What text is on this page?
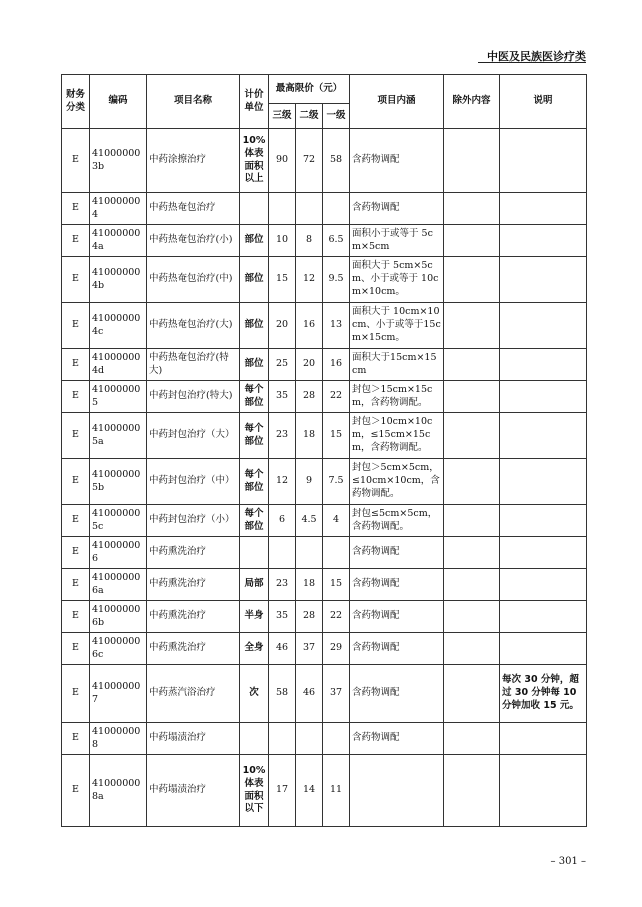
中医及民族医诊疗类
财务分类	编码	项目名称	计价单位	最高限价（元）			项目内涵	除外内容	说明
				三级	二级	一级			
E	410000003b	中药涂擦治疗	10%体表面积以上	90	72	58	含药物调配		
E	410000004	中药热奄包治疗					含药物调配		
E	410000004a	中药热奄包治疗(小)	部位	10	8	6.5	面积小于或等于 5cm×5cm		
E	410000004b	中药热奄包治疗(中)	部位	15	12	9.5	面积大于 5cm×5cm、小于或等于 10cm×10cm。		
E	410000004c	中药热奄包治疗(大)	部位	20	16	13	面积大于 10cm×10cm、小于或等于15cm×15cm。		
E	410000004d	中药热奄包治疗(特大)	部位	25	20	16	面积大于15cm×15cm		
E	410000005	中药封包治疗(特大)	每个部位	35	28	22	封包＞15cm×15cm，含药物调配。		
E	410000005a	中药封包治疗（大）	每个部位	23	18	15	封包＞10cm×10cm，≤15cm×15cm，含药物调配。		
E	410000005b	中药封包治疗（中）	每个部位	12	9	7.5	封包＞5cm×5cm，≤10cm×10cm，含药物调配。		
E	410000005c	中药封包治疗（小）	每个部位	6	4.5	4	封包≤5cm×5cm，含药物调配。		
E	410000006	中药熏洗治疗					含药物调配		
E	410000006a	中药熏洗治疗	局部	23	18	15	含药物调配		
E	410000006b	中药熏洗治疗	半身	35	28	22	含药物调配		
E	410000006c	中药熏洗治疗	全身	46	37	29	含药物调配		
E	410000007	中药蒸汽浴治疗	次	58	46	37	含药物调配		每次 30 分钟，超过 30 分钟每 10 分钟加收 15 元。
E	410000008	中药塌渍治疗					含药物调配		
E	410000008a	中药塌渍治疗	10%体表面积以下	17	14	11			
– 301 –
